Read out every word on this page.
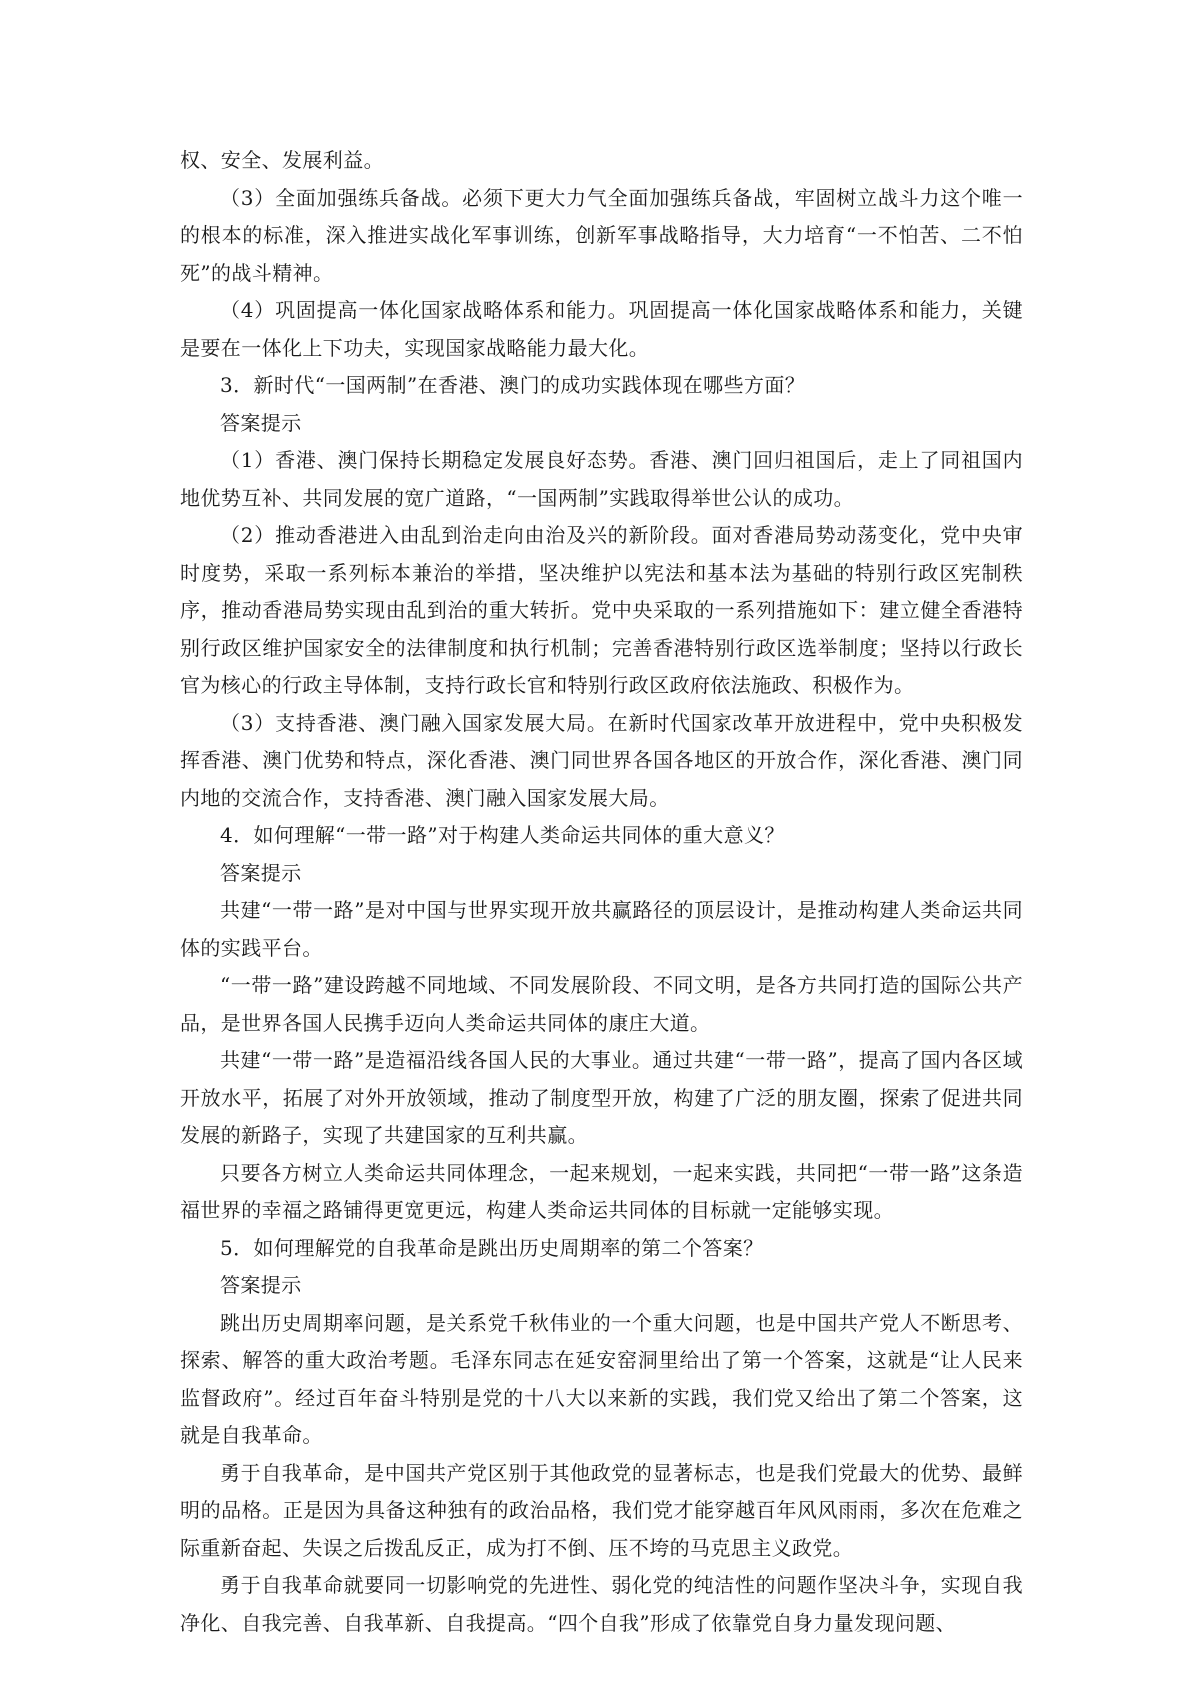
权、安全、发展利益。

（3）全面加强练兵备战。必须下更大力气全面加强练兵备战，牢固树立战斗力这个唯一的根本的标准，深入推进实战化军事训练，创新军事战略指导，大力培育“一不怕苦、二不怕死”的战斗精神。

（4）巩固提高一体化国家战略体系和能力。巩固提高一体化国家战略体系和能力，关键是要在一体化上下功夫，实现国家战略能力最大化。

3．新时代“一国两制”在香港、澳门的成功实践体现在哪些方面？

答案提示

（1）香港、澳门保持长期稳定发展良好态势。香港、澳门回归祖国后，走上了同祖国内地优势互补、共同发展的宽广道路，“一国两制”实践取得举世公认的成功。

（2）推动香港进入由乱到治走向由治及兴的新阶段。面对香港局势动荡变化，党中央审时度势，采取一系列标本兼治的举措，坚决维护以宪法和基本法为基础的特别行政区宪制秩序，推动香港局势实现由乱到治的重大转折。党中央采取的一系列措施如下：建立健全香港特别行政区维护国家安全的法律制度和执行机制；完善香港特别行政区选举制度；坚持以行政长官为核心的行政主导体制，支持行政长官和特别行政区政府依法施政、积极作为。

（3）支持香港、澳门融入国家发展大局。在新时代国家改革开放进程中，党中央积极发挥香港、澳门优势和特点，深化香港、澳门同世界各国各地区的开放合作，深化香港、澳门同内地的交流合作，支持香港、澳门融入国家发展大局。

4．如何理解“一带一路”对于构建人类命运共同体的重大意义？

答案提示

共建“一带一路”是对中国与世界实现开放共赢路径的顶层设计，是推动构建人类命运共同体的实践平台。

“一带一路”建设跨越不同地域、不同发展阶段、不同文明，是各方共同打造的国际公共产品，是世界各国人民携手迈向人类命运共同体的康庄大道。

共建“一带一路”是造福沿线各国人民的大事业。通过共建“一带一路”，提高了国内各区域开放水平，拓展了对外开放领域，推动了制度型开放，构建了广泛的朋友圈，探索了促进共同发展的新路子，实现了共建国家的互利共赢。

只要各方树立人类命运共同体理念，一起来规划，一起来实践，共同把“一带一路”这条造福世界的幸福之路铺得更宽更远，构建人类命运共同体的目标就一定能够实现。

5．如何理解党的自我革命是跳出历史周期率的第二个答案？

答案提示

跳出历史周期率问题，是关系党千秋伟业的一个重大问题，也是中国共产党人不断思考、探索、解答的重大政治考题。毛泽东同志在延安窑洞里给出了第一个答案，这就是“让人民来监督政府”。经过百年奋斗特别是党的十八大以来新的实践，我们党又给出了第二个答案，这就是自我革命。

勇于自我革命，是中国共产党区别于其他政党的显著标志，也是我们党最大的优势、最鲜明的品格。正是因为具备这种独有的政治品格，我们党才能穿越百年风风雨雨，多次在危难之际重新奋起、失误之后拨乱反正，成为打不倒、压不垮的马克思主义政党。

勇于自我革命就要同一切影响党的先进性、弱化党的纯洁性的问题作坚决斗争，实现自我净化、自我完善、自我革新、自我提高。“四个自我”形成了依靠党自身力量发现问题、
